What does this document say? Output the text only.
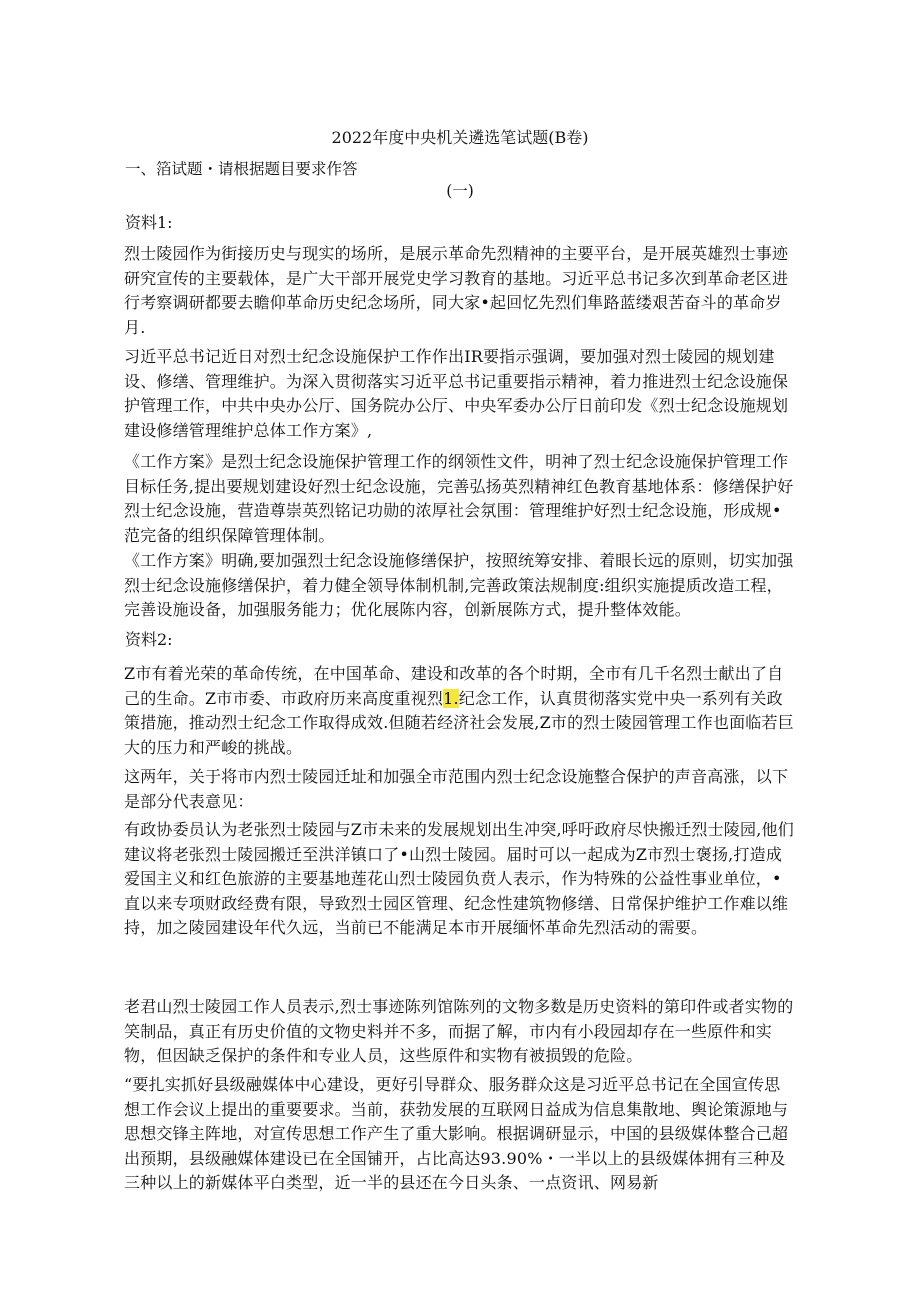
2022年度中央机关遴选笔试题(B卷)
一、箔试题・请根据题目要求作答
(一)
资料1:
烈士陵园作为街接历史与现实的场所，是展示革命先烈精神的主要平台，是开展英雄烈士事迹研究宣传的主要载体，是广大干部开展党史学习教育的基地。习近平总书记多次到革命老区进行考察调研都要去瞻仰革命历史纪念场所，同大家•起回忆先烈们隼路蓝缕艰苦奋斗的革命岁月.
习近平总书记近日对烈士纪念设施保护工作作出IR要指示强调，要加强对烈士陵园的规划建设、修缮、管理维护。为深入贯彻落实习近平总书记重要指示精神，着力推进烈士纪念设施保护管理工作，中共中央办公厅、国务院办公厅、中央军委办公厅日前印发《烈士纪念设施规划建设修缮管理维护总体工作方案》,
《工作方案》是烈士纪念设施保护管理工作的纲领性文件，明神了烈士纪念设施保护管理工作目标任务,提出要规划建设好烈士纪念设施，完善弘扬英烈精神红色教育基地体系：修缮保护好烈士纪念设施，营造尊崇英烈铭记功勋的浓厚社会氛围：管理维护好烈士纪念设施，形成规•范完备的组织保障管理体制。
《工作方案》明确,要加强烈士纪念设施修缮保护，按照统筹安排、着眼长远的原则，切实加强烈士纪念设施修缮保护，着力健全领导体制机制,完善政策法规制度:组织实施提质改造工程，完善设施设备，加强服务能力；优化展陈内容，创新展陈方式，提升整体效能。
资料2:
Z市有着光荣的革命传统，在中国革命、建设和改革的各个时期，全市有几千名烈士献出了自己的生命。Z市市委、市政府历来高度重视烈1.纪念工作，认真贯彻落实党中央一系列有关政策措施，推动烈士纪念工作取得成效.但随若经济社会发展,Z市的烈士陵园管理工作也面临若巨大的压力和严峻的挑战。
这两年，关于将市内烈士陵园迁址和加强全市范围内烈士纪念设施整合保护的声音高涨，以下是部分代表意见：
有政协委员认为老张烈士陵园与Z市未来的发展规划出生冲突,呼吁政府尽快搬迁烈士陵园,他们建议将老张烈士陵园搬迁至洪洋镇口了•山烈士陵园。届时可以一起成为Z市烈士褒扬,打造成爱国主义和红色旅游的主要基地莲花山烈士陵园负贲人表示，作为特殊的公益性事业单位，•直以来专项财政经费有限，导致烈士园区管理、纪念性建筑物修缮、日常保护维护工作难以维持，加之陵园建设年代久远，当前已不能满足本市开展缅怀革命先烈活动的需要。
老君山烈士陵园工作人员表示,烈士事迹陈列馆陈列的文物多数是历史资料的第印件或者实物的笑制品，真正有历史价值的文物史料并不多，而据了解，市内有小段园却存在一些原件和实物，但因缺乏保护的条件和专业人员，这些原件和实物有被损毁的危险。
“要扎实抓好县级融媒体中心建设，更好引导群众、服务群众这是习近平总书记在全国宣传思想工作会议上提出的重要要求。当前，获勃发展的互联网日益成为信息集散地、舆论策源地与思想交锋主阵地，对宣传思想工作产生了重大影响。根据调研显示，中国的县级媒体整合己超出预期，县级融媒体建设已在全国铺开，占比高达93.90%・一半以上的县级媒体拥有三种及三种以上的新媒体平白类型，近一半的县还在今日头条、一点资讯、网易新
